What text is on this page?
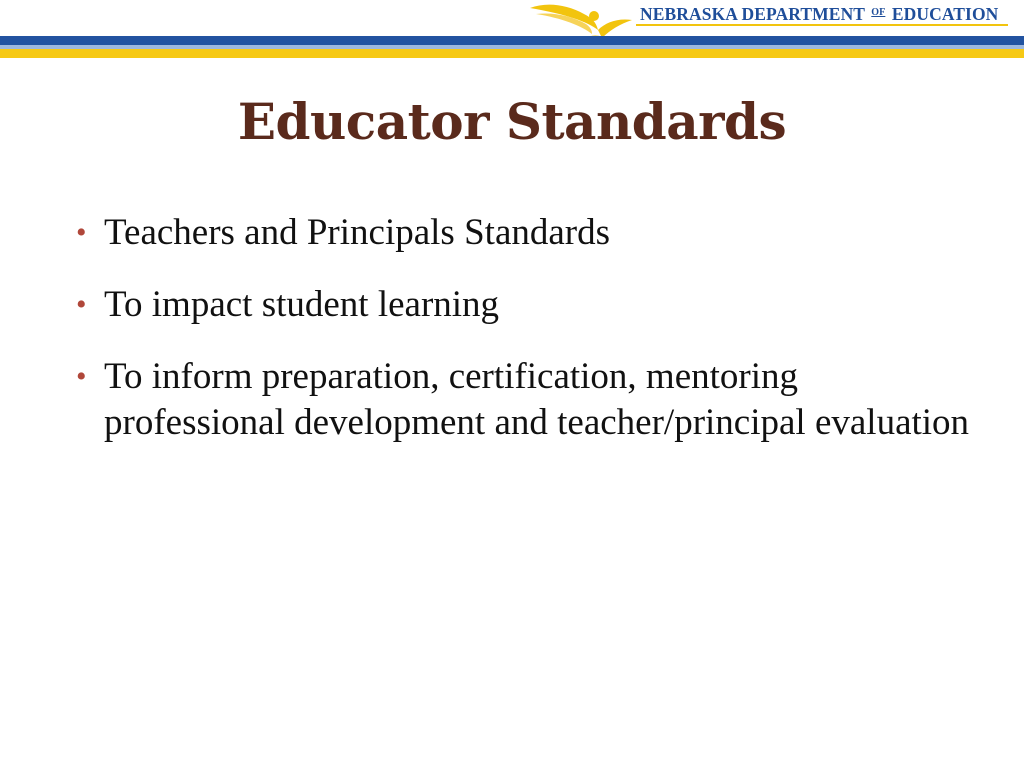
NEBRASKA DEPARTMENT $^{OF}$ EDUCATION
Educator Standards
• Teachers and Principals Standards
• To impact student learning
• To inform preparation, certification, mentoring professional development and teacher/principal evaluation
